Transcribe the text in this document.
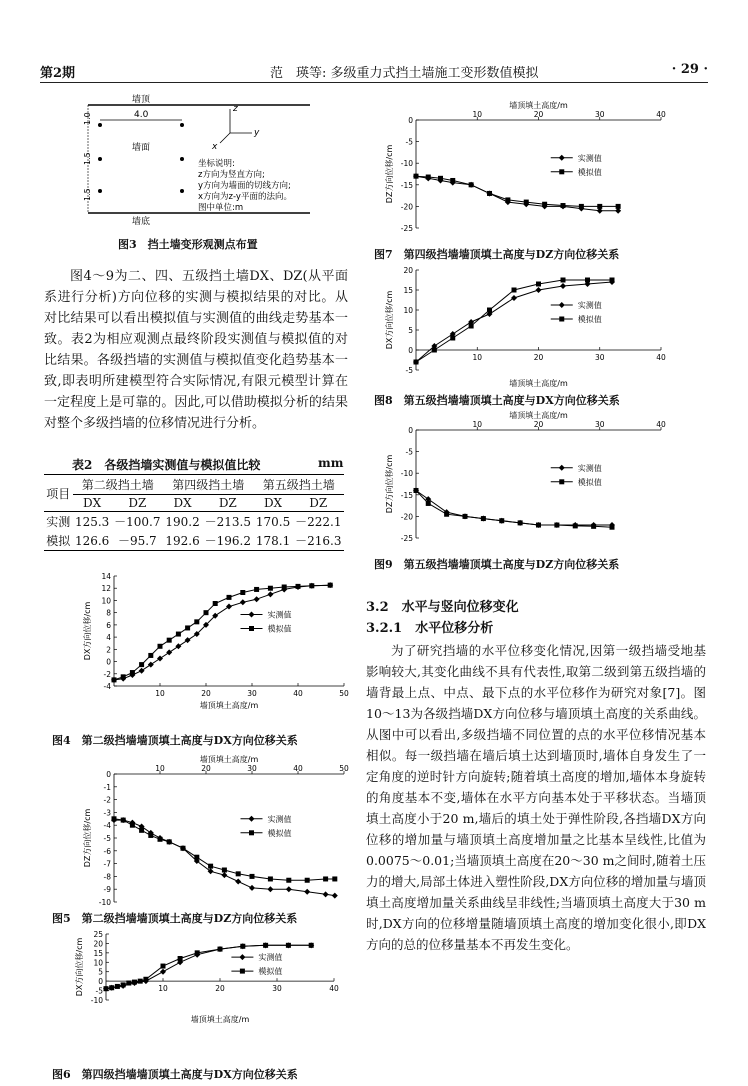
第2期	范　瑛等: 多级重力式挡土墙施工变形数值模拟	· 29 ·
墙顶
墙底
墙面
4.0
1.0
1.5
1.5
z
y
x
坐标说明:
z方向为竖直方向;
y方向为墙面的切线方向;
x方向为z-y平面的法向。
图中单位:m
图3　挡土墙变形观测点布置

图4～9为二、四、五级挡土墙DX、DZ(从平面系进行分析)方向位移的实测与模拟结果的对比。从对比结果可以看出模拟值与实测值的曲线走势基本一致。表2为相应观测点最终阶段实测值与模拟值的对比结果。各级挡墙的实测值与模拟值变化趋势基本一致,即表明所建模型符合实际情况,有限元模型计算在一定程度上是可靠的。因此,可以借助模拟分析的结果对整个多级挡墙的位移情况进行分析。

表2　各级挡墙实测值与模拟值比较	mm
项目	第二级挡土墙		第四级挡土墙		第五级挡土墙	
	DX	DZ	DX	DZ	DX	DZ
实测	125.3	－100.7	190.2	－213.5	170.5	－222.1
模拟	126.6	－95.7	192.6	－196.2	178.1	－216.3
-4
-2
0
2
4
6
8
10
12
14
10	20	30	40	50
墙顶填土高度/m
DX方向位移/cm	实测值
模拟值
图4　第二级挡墙墙顶填土高度与DX方向位移关系
-10
-9
-8
-7
-6
-5
-4
-3
-2
-1
0
10	20	30	40	50
墙顶填土高度/m
DZ方向位移/cm	实测值
模拟值
图5　第二级挡墙墙顶填土高度与DZ方向位移关系
-10
-5
0
5
10
15
20
25
10	20	30	40
墙顶填土高度/m
DX方向位移/cm	实测值
模拟值
图6　第四级挡墙墙顶填土高度与DX方向位移关系
-25
-20
-15
-10
-5
0
10	20	30	40
墙顶填土高度/m
DZ方向位移/cm	实测值
模拟值
图7　第四级挡墙墙顶填土高度与DZ方向位移关系
-5
0
5
10
15
20
10	20	30	40
墙顶填土高度/m
DX方向位移/cm	实测值
模拟值
图8　第五级挡墙墙顶填土高度与DX方向位移关系
-25
-20
-15
-10
-5
0
10	20	30	40
墙顶填土高度/m
DZ方向位移/cm	实测值
模拟值
图9　第五级挡墙墙顶填土高度与DZ方向位移关系
3.2　水平与竖向位移变化
3.2.1　水平位移分析

为了研究挡墙的水平位移变化情况,因第一级挡墙受地基影响较大,其变化曲线不具有代表性,取第二级到第五级挡墙的墙背最上点、中点、最下点的水平位移作为研究对象[7]。图10～13为各级挡墙DX方向位移与墙顶填土高度的关系曲线。从图中可以看出,多级挡墙不同位置的点的水平位移情况基本相似。每一级挡墙在墙后填土达到墙顶时,墙体自身发生了一定角度的逆时针方向旋转;随着填土高度的增加,墙体本身旋转的角度基本不变,墙体在水平方向基本处于平移状态。当墙顶填土高度小于20 m,墙后的填土处于弹性阶段,各挡墙DX方向位移的增加量与墙顶填土高度增加量之比基本呈线性,比值为0.0075～0.01;当墙顶填土高度在20～30 m之间时,随着土压力的增大,局部土体进入塑性阶段,DX方向位移的增加量与墙顶填土高度增加量关系曲线呈非线性;当墙顶填土高度大于30 m时,DX方向的位移增量随墙顶填土高度的增加变化很小,即DX方向的总的位移量基本不再发生变化。
